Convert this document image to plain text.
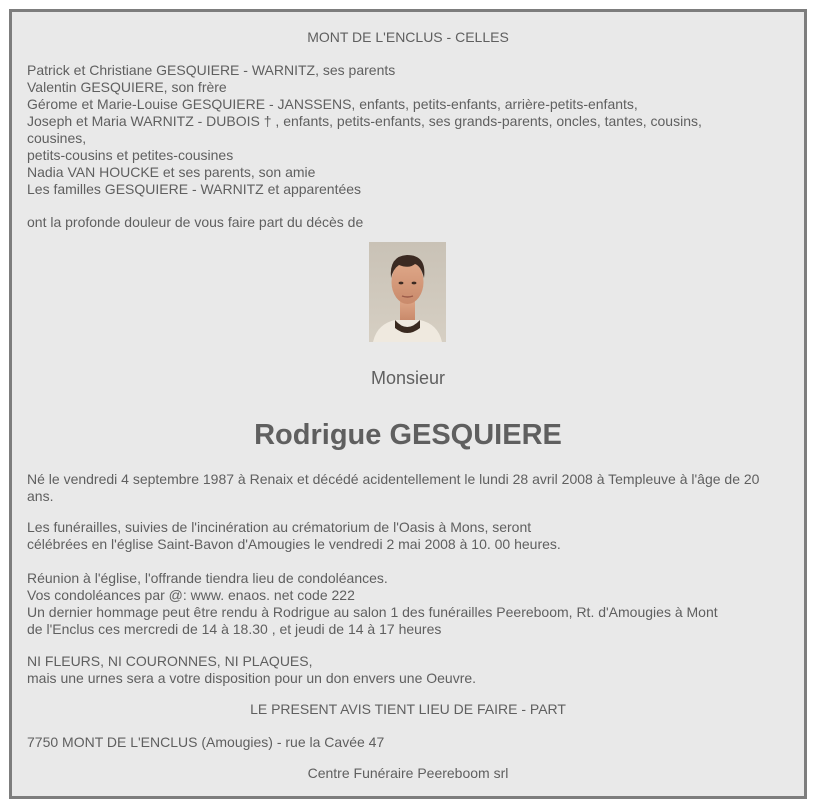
MONT DE L'ENCLUS - CELLES

Patrick et Christiane GESQUIERE - WARNITZ, ses parents

Valentin GESQUIERE, son frère

Gérome et Marie-Louise GESQUIERE - JANSSENS, enfants, petits-enfants, arrière-petits-enfants,

Joseph et Maria WARNITZ - DUBOIS † , enfants, petits-enfants, ses grands-parents, oncles, tantes, cousins,

cousines,

petits-cousins et petites-cousines

Nadia VAN HOUCKE et ses parents, son amie

Les familles GESQUIERE - WARNITZ et apparentées

ont la profonde douleur de vous faire part du décès de

Monsieur

Rodrigue GESQUIERE

Né le vendredi 4 septembre 1987 à Renaix et décédé acidentellement le lundi 28 avril 2008 à Templeuve à l'âge de 20

ans.

Les funérailles, suivies de l'incinération au crématorium de l'Oasis à Mons, seront

célébrées en l'église Saint-Bavon d'Amougies le vendredi 2 mai 2008 à 10. 00 heures.

Réunion à l'église, l'offrande tiendra lieu de condoléances.

Vos condoléances par @: www. enaos. net code 222

Un dernier hommage peut être rendu à Rodrigue au salon 1 des funérailles Peereboom, Rt. d'Amougies à Mont

de l'Enclus ces mercredi de 14 à 18.30 , et jeudi de 14 à 17 heures

NI FLEURS, NI COURONNES, NI PLAQUES,

mais une urnes sera a votre disposition pour un don envers une Oeuvre.

LE PRESENT AVIS TIENT LIEU DE FAIRE - PART

7750 MONT DE L'ENCLUS (Amougies) - rue la Cavée 47

Centre Funéraire Peereboom srl
